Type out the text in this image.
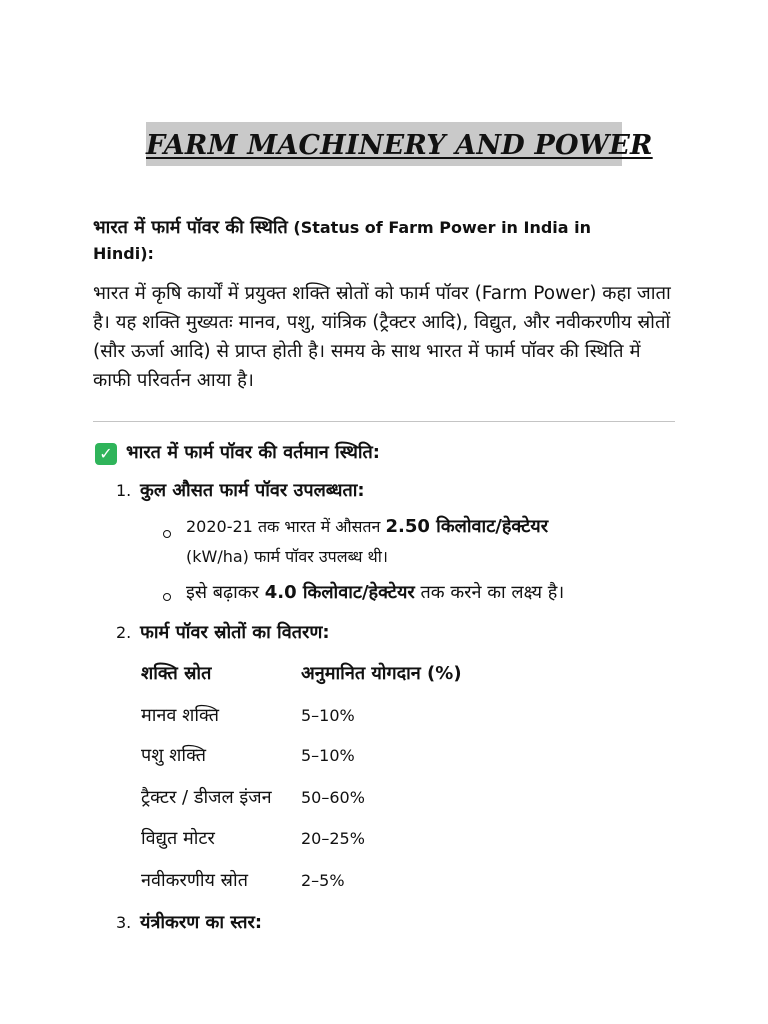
FARM MACHINERY AND POWER
भारत में फार्म पॉवर की स्थिति (Status of Farm Power in India in Hindi):
भारत में कृषि कार्यों में प्रयुक्त शक्ति स्रोतों को फार्म पॉवर (Farm Power) कहा जाता है। यह शक्ति मुख्यतः मानव, पशु, यांत्रिक (ट्रैक्टर आदि), विद्युत, और नवीकरणीय स्रोतों (सौर ऊर्जा आदि) से प्राप्त होती है। समय के साथ भारत में फार्म पॉवर की स्थिति में काफी परिवर्तन आया है।
✓ भारत में फार्म पॉवर की वर्तमान स्थिति:
1. कुल औसत फार्म पॉवर उपलब्धता:
2020-21 तक भारत में औसतन 2.50 किलोवाट/हेक्टेयर
(kW/ha) फार्म पॉवर उपलब्ध थी।
इसे बढ़ाकर 4.0 किलोवाट/हेक्टेयर तक करने का लक्ष्य है।
2. फार्म पॉवर स्रोतों का वितरण:
शक्ति स्रोत	अनुमानित योगदान (%)
मानव शक्ति	5–10%
पशु शक्ति	5–10%
ट्रैक्टर / डीजल इंजन 50–60%
विद्युत मोटर	20–25%
नवीकरणीय स्रोत	2–5%
3. यंत्रीकरण का स्तर:
